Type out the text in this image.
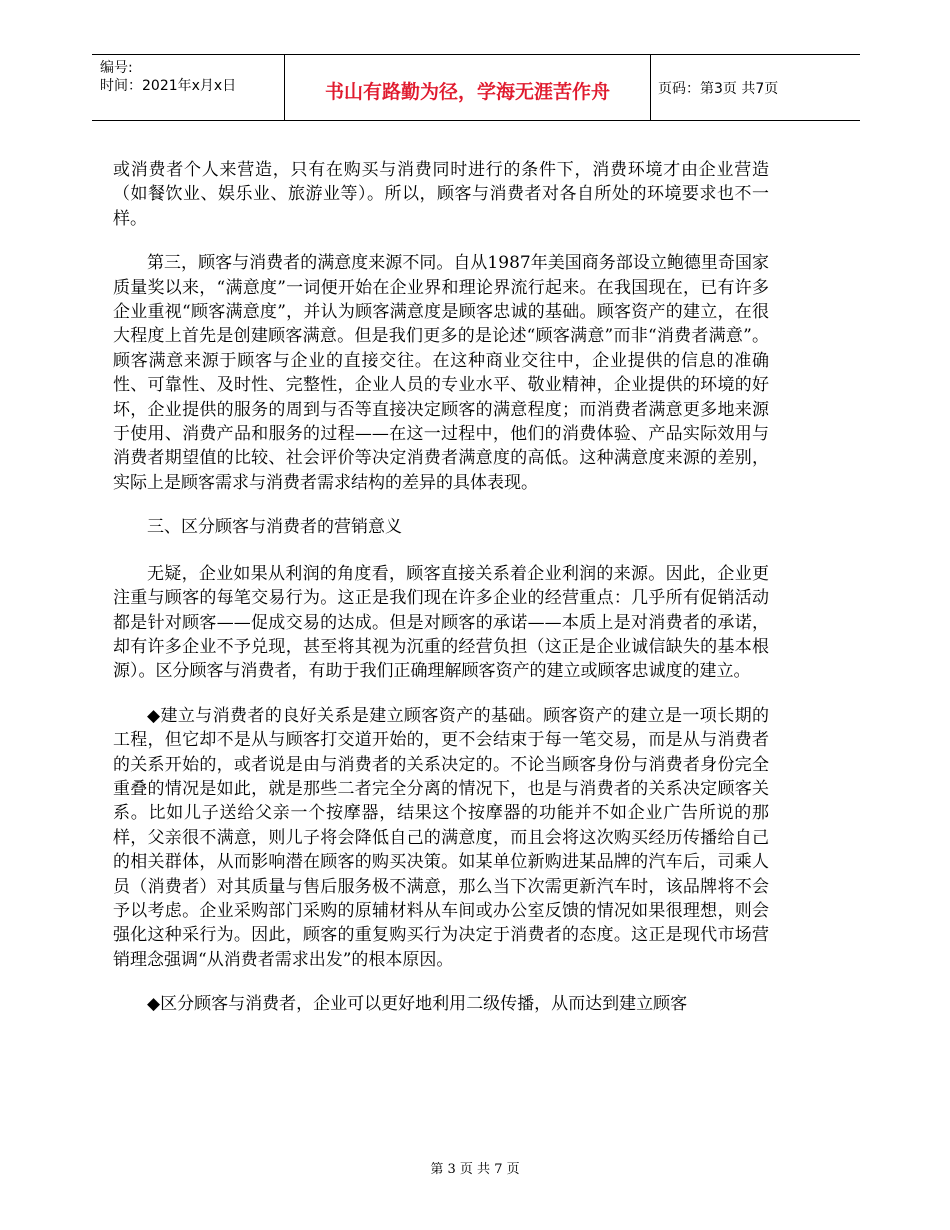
编号:
时间：2021年x月x日	书山有路勤为径，学海无涯苦作舟	页码：第3页 共7页

或消费者个人来营造，只有在购买与消费同时进行的条件下，消费环境才由企业营造（如餐饮业、娱乐业、旅游业等）。所以，顾客与消费者对各自所处的环境要求也不一样。

第三，顾客与消费者的满意度来源不同。自从1987年美国商务部设立鲍德里奇国家质量奖以来，“满意度”一词便开始在企业界和理论界流行起来。在我国现在，已有许多企业重视“顾客满意度”，并认为顾客满意度是顾客忠诚的基础。顾客资产的建立，在很大程度上首先是创建顾客满意。但是我们更多的是论述“顾客满意”而非“消费者满意”。顾客满意来源于顾客与企业的直接交往。在这种商业交往中，企业提供的信息的准确性、可靠性、及时性、完整性，企业人员的专业水平、敬业精神，企业提供的环境的好坏，企业提供的服务的周到与否等直接决定顾客的满意程度；而消费者满意更多地来源于使用、消费产品和服务的过程——在这一过程中，他们的消费体验、产品实际效用与消费者期望值的比较、社会评价等决定消费者满意度的高低。这种满意度来源的差别，实际上是顾客需求与消费者需求结构的差异的具体表现。

三、区分顾客与消费者的营销意义

无疑，企业如果从利润的角度看，顾客直接关系着企业利润的来源。因此，企业更注重与顾客的每笔交易行为。这正是我们现在许多企业的经营重点：几乎所有促销活动都是针对顾客——促成交易的达成。但是对顾客的承诺——本质上是对消费者的承诺，却有许多企业不予兑现，甚至将其视为沉重的经营负担（这正是企业诚信缺失的基本根源）。区分顾客与消费者，有助于我们正确理解顾客资产的建立或顾客忠诚度的建立。

◆建立与消费者的良好关系是建立顾客资产的基础。顾客资产的建立是一项长期的工程，但它却不是从与顾客打交道开始的，更不会结束于每一笔交易，而是从与消费者的关系开始的，或者说是由与消费者的关系决定的。不论当顾客身份与消费者身份完全重叠的情况是如此，就是那些二者完全分离的情况下，也是与消费者的关系决定顾客关系。比如儿子送给父亲一个按摩器，结果这个按摩器的功能并不如企业广告所说的那样，父亲很不满意，则儿子将会降低自己的满意度，而且会将这次购买经历传播给自己的相关群体，从而影响潜在顾客的购买决策。如某单位新购进某品牌的汽车后，司乘人员（消费者）对其质量与售后服务极不满意，那么当下次需更新汽车时，该品牌将不会予以考虑。企业采购部门采购的原辅材料从车间或办公室反馈的情况如果很理想，则会强化这种采行为。因此，顾客的重复购买行为决定于消费者的态度。这正是现代市场营销理念强调“从消费者需求出发”的根本原因。

◆区分顾客与消费者，企业可以更好地利用二级传播，从而达到建立顾客

第 3 页 共 7 页
